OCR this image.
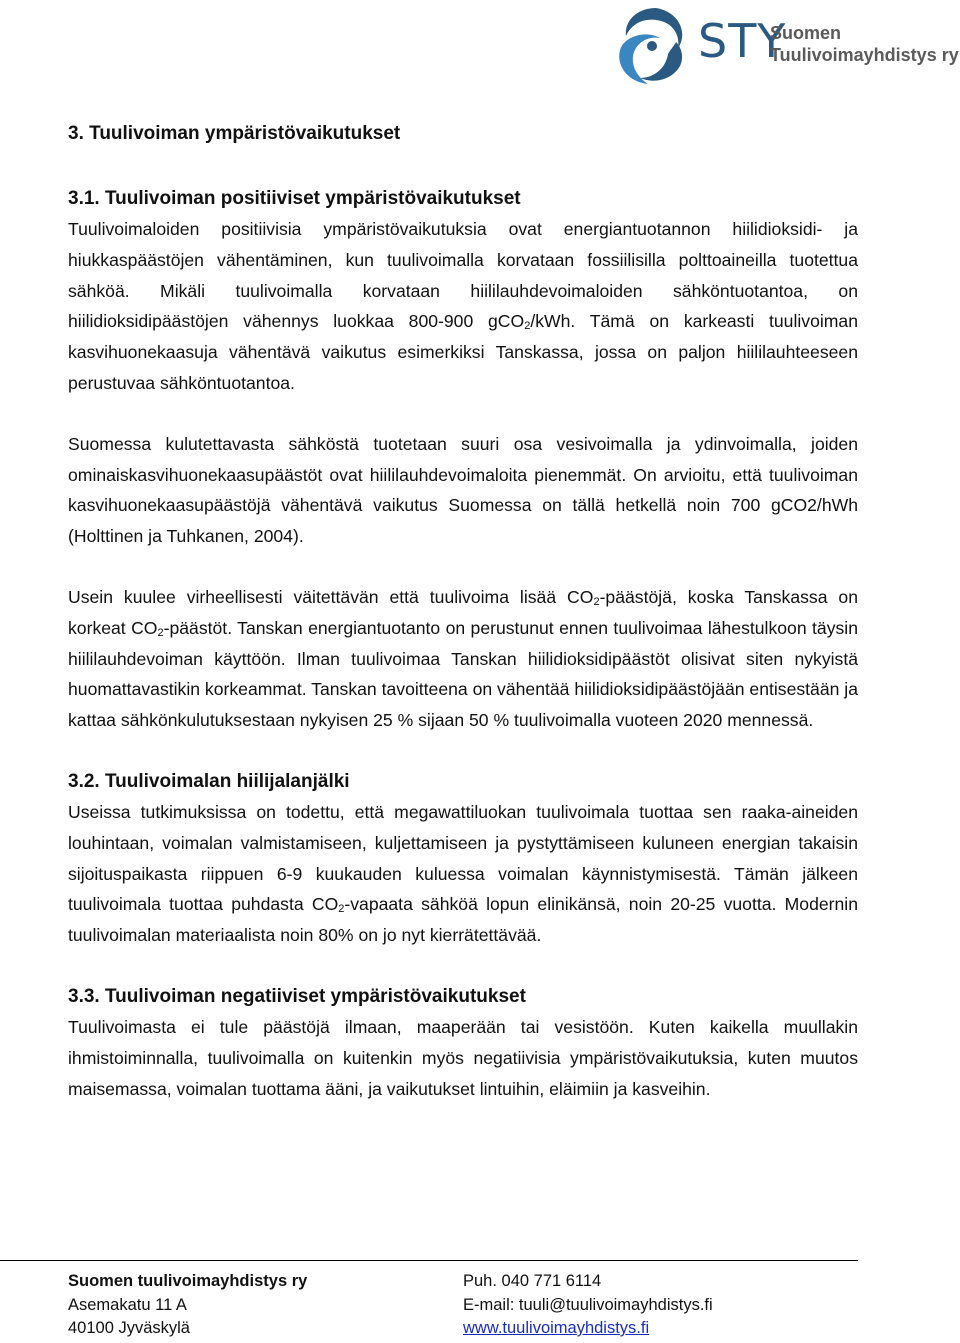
STY
Suomen
Tuulivoimayhdistys ry
3. Tuulivoiman ympäristövaikutukset
3.1. Tuulivoiman positiiviset ympäristövaikutukset

Tuulivoimaloiden positiivisia ympäristövaikutuksia ovat energiantuotannon hiilidioksidi- ja hiukkaspäästöjen vähentäminen, kun tuulivoimalla korvataan fossiilisilla polttoaineilla tuotettua sähköä. Mikäli tuulivoimalla korvataan hiililauhdevoimaloiden sähköntuotantoa, on hiilidioksidipäästöjen vähennys luokkaa 800-900 gCO$_2$/kWh. Tämä on karkeasti tuulivoiman kasvihuonekaasuja vähentävä vaikutus esimerkiksi Tanskassa, jossa on paljon hiililauhteeseen perustuvaa sähköntuotantoa.

Suomessa kulutettavasta sähköstä tuotetaan suuri osa vesivoimalla ja ydinvoimalla, joiden ominaiskasvihuonekaasupäästöt ovat hiililauhdevoimaloita pienemmät. On arvioitu, että tuulivoiman kasvihuonekaasupäästöjä vähentävä vaikutus Suomessa on tällä hetkellä noin 700 gCO2/hWh (Holttinen ja Tuhkanen, 2004).

Usein kuulee virheellisesti väitettävän että tuulivoima lisää $CO_2$-päästöjä, koska Tanskassa on korkeat $CO_2$-päästöt. Tanskan energiantuotanto on perustunut ennen tuulivoimaa lähestulkoon täysin hiililauhdevoiman käyttöön. Ilman tuulivoimaa Tanskan hiilidioksidipäästöt olisivat siten nykyistä huomattavastikin korkeammat. Tanskan tavoitteena on vähentää hiilidioksidipäästöjään entisestään ja kattaa sähkönkulutuksestaan nykyisen 25 % sijaan 50 % tuulivoimalla vuoteen 2020 mennessä.

3.2. Tuulivoimalan hiilijalanjälki

Useissa tutkimuksissa on todettu, että megawattiluokan tuulivoimala tuottaa sen raaka-aineiden louhintaan, voimalan valmistamiseen, kuljettamiseen ja pystyttämiseen kuluneen energian takaisin sijoituspaikasta riippuen 6-9 kuukauden kuluessa voimalan käynnistymisestä. Tämän jälkeen tuulivoimala tuottaa puhdasta $CO_2$-vapaata sähköä lopun elinikänsä, noin 20-25 vuotta. Modernin tuulivoimalan materiaalista noin 80% on jo nyt kierrätettävää.

3.3. Tuulivoiman negatiiviset ympäristövaikutukset

Tuulivoimasta ei tule päästöjä ilmaan, maaperään tai vesistöön. Kuten kaikella muullakin ihmistoiminnalla, tuulivoimalla on kuitenkin myös negatiivisia ympäristövaikutuksia, kuten muutos maisemassa, voimalan tuottama ääni, ja vaikutukset lintuihin, eläimiin ja kasveihin.

Suomen tuulivoimayhdistys ry
Asemakatu 11 A
40100 Jyväskylä
Puh. 040 771 6114
E-mail: tuuli@tuulivoimayhdistys.fi
www.tuulivoimayhdistys.fi
